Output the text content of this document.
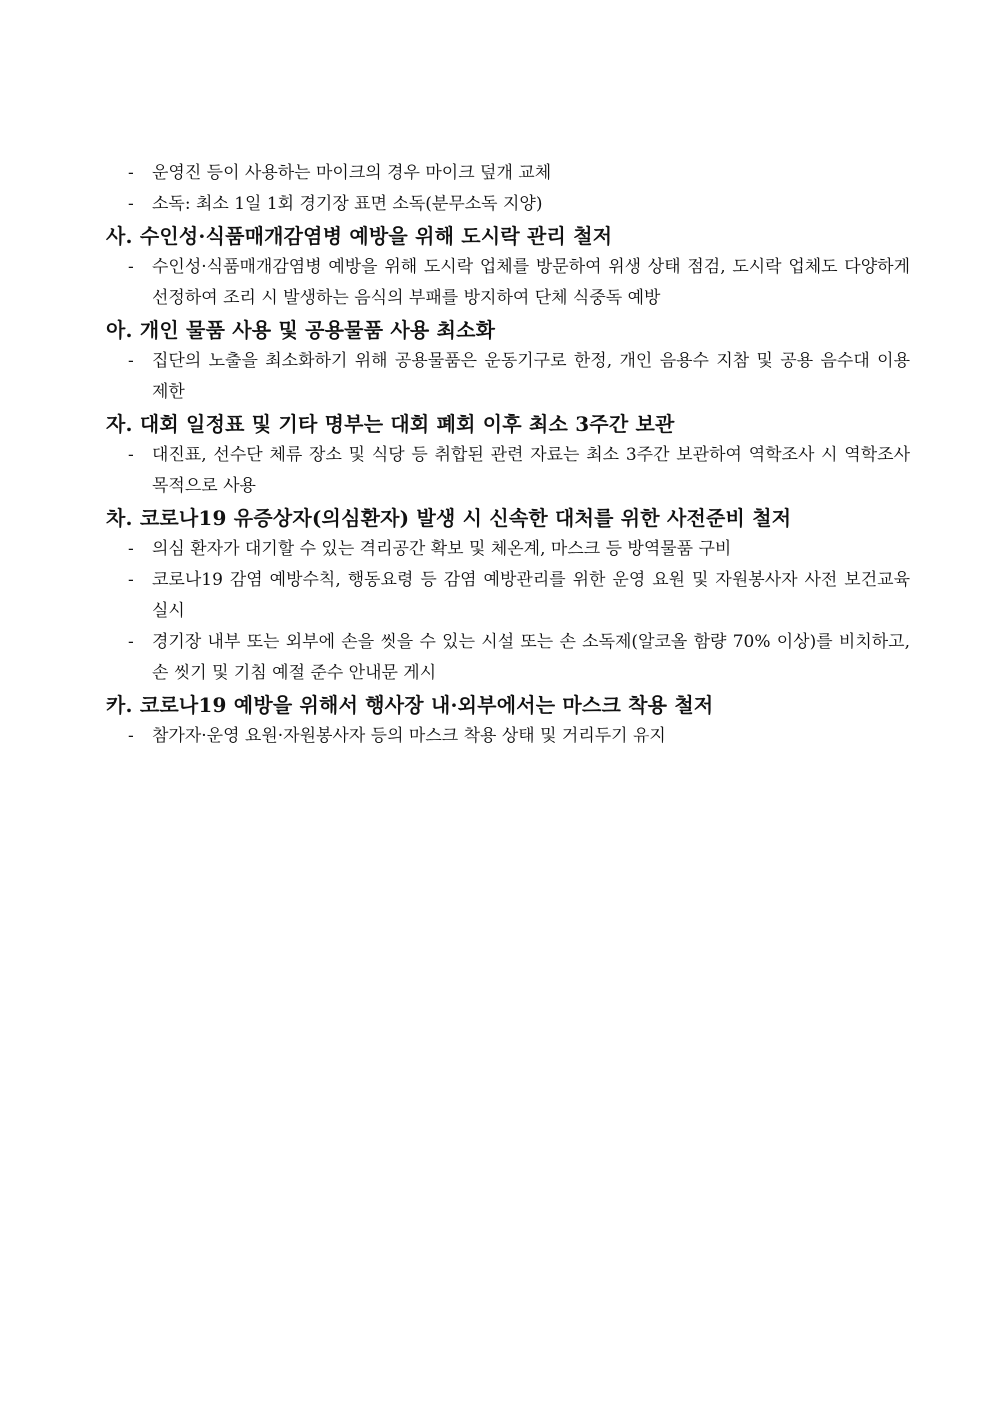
- 운영진 등이 사용하는 마이크의 경우 마이크 덮개 교체

- 소독: 최소 1일 1회 경기장 표면 소독(분무소독 지양)

사. 수인성·식품매개감염병 예방을 위해 도시락 관리 철저

- 수인성·식품매개감염병 예방을 위해 도시락 업체를 방문하여 위생 상태 점검, 도시락 업체도 다양하게 선정하여 조리 시 발생하는 음식의 부패를 방지하여 단체 식중독 예방

아. 개인 물품 사용 및 공용물품 사용 최소화

- 집단의 노출을 최소화하기 위해 공용물품은 운동기구로 한정, 개인 음용수 지참 및 공용 음수대 이용 제한

자. 대회 일정표 및 기타 명부는 대회 폐회 이후 최소 3주간 보관

- 대진표, 선수단 체류 장소 및 식당 등 취합된 관련 자료는 최소 3주간 보관하여 역학조사 시 역학조사 목적으로 사용

차. 코로나19 유증상자(의심환자) 발생 시 신속한 대처를 위한 사전준비 철저

- 의심 환자가 대기할 수 있는 격리공간 확보 및 체온계, 마스크 등 방역물품 구비

- 코로나19 감염 예방수칙, 행동요령 등 감염 예방관리를 위한 운영 요원 및 자원봉사자 사전 보건교육 실시

- 경기장 내부 또는 외부에 손을 씻을 수 있는 시설 또는 손 소독제(알코올 함량 70% 이상)를 비치하고, 손 씻기 및 기침 예절 준수 안내문 게시

카. 코로나19 예방을 위해서 행사장 내·외부에서는 마스크 착용 철저

- 참가자·운영 요원·자원봉사자 등의 마스크 착용 상태 및 거리두기 유지
